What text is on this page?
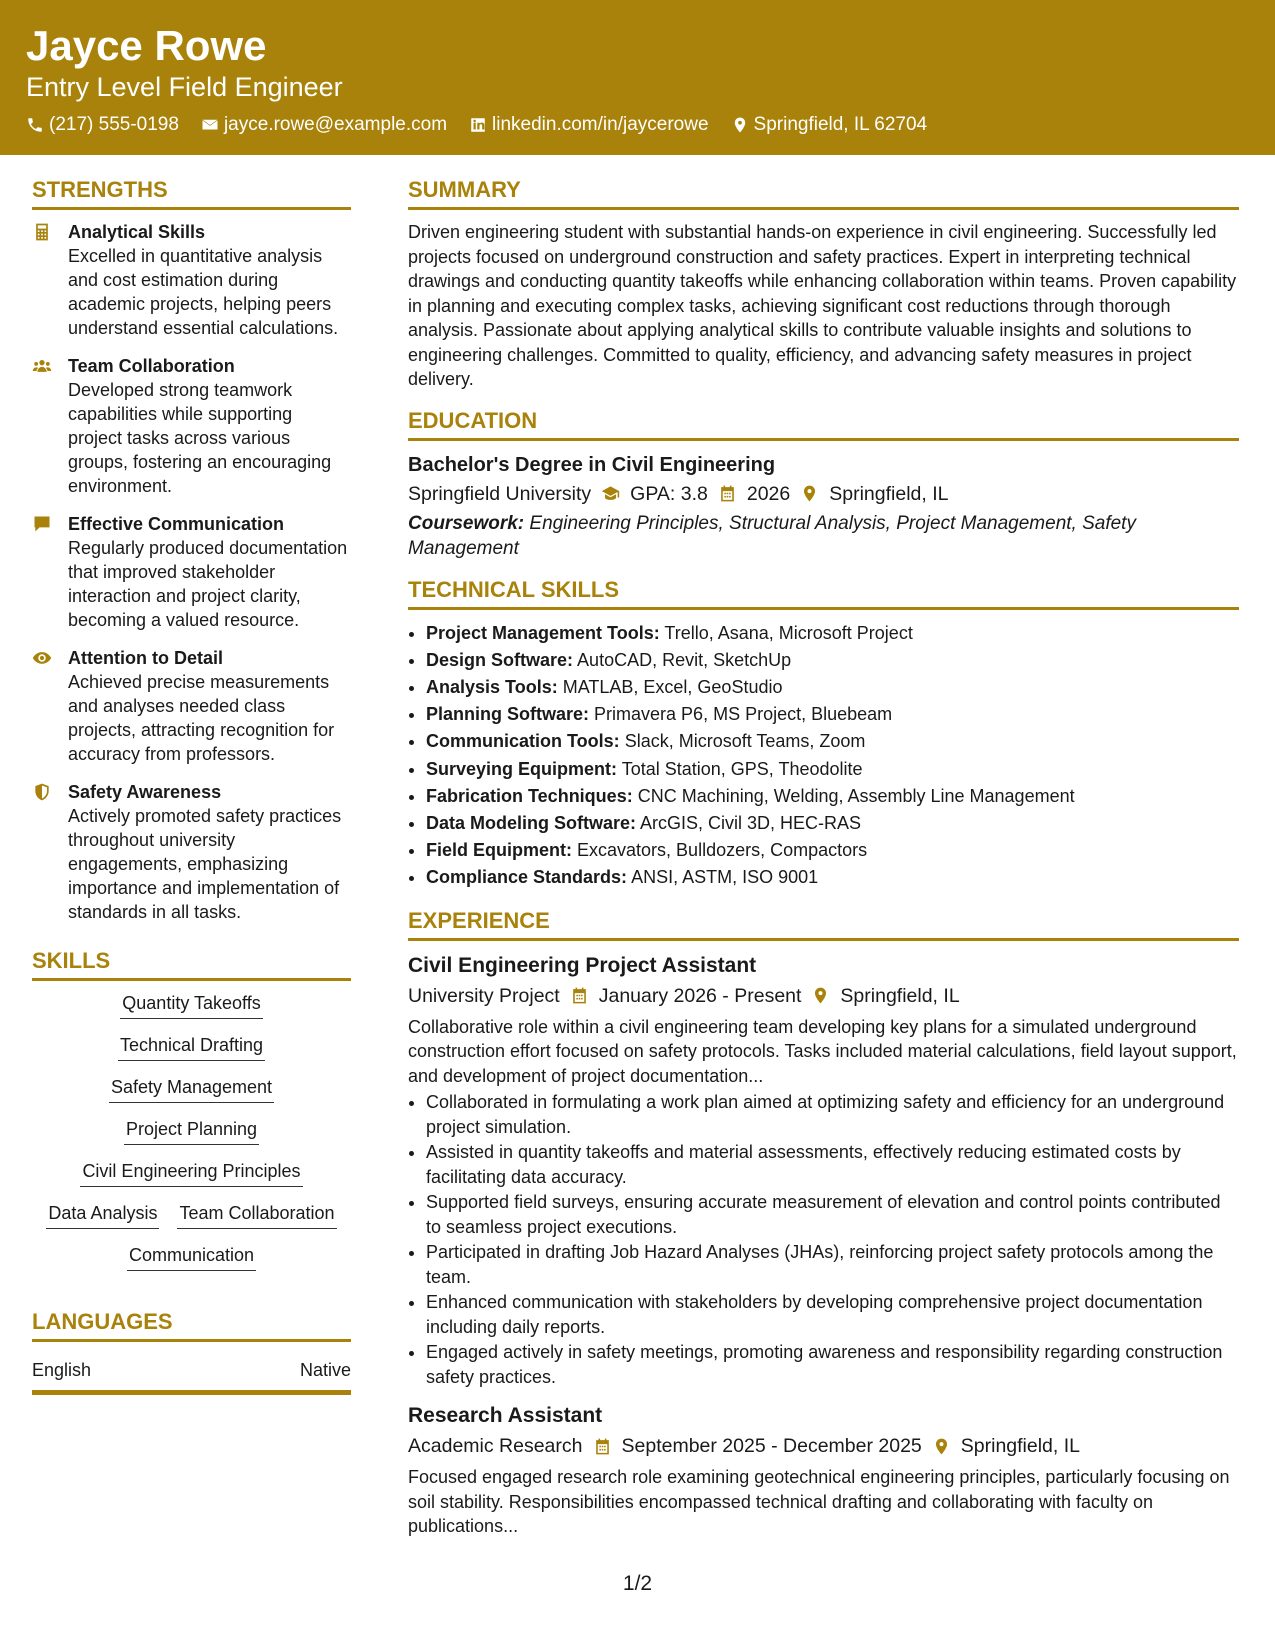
Jayce Rowe
Entry Level Field Engineer
(217) 555-0198 jayce.rowe@example.com linkedin.com/in/jaycerowe Springfield, IL 62704
STRENGTHS
Analytical Skills
Excelled in quantitative analysis and cost estimation during academic projects, helping peers understand essential calculations.
Team Collaboration
Developed strong teamwork capabilities while supporting project tasks across various groups, fostering an encouraging environment.
Effective Communication
Regularly produced documentation that improved stakeholder interaction and project clarity, becoming a valued resource.
Attention to Detail
Achieved precise measurements and analyses needed class projects, attracting recognition for accuracy from professors.
Safety Awareness
Actively promoted safety practices throughout university engagements, emphasizing importance and implementation of standards in all tasks.
SKILLS
Quantity Takeoffs
Technical Drafting
Safety Management
Project Planning
Civil Engineering Principles
Data Analysis Team Collaboration
Communication
LANGUAGES
English	Native
SUMMARY

Driven engineering student with substantial hands-on experience in civil engineering. Successfully led projects focused on underground construction and safety practices. Expert in interpreting technical drawings and conducting quantity takeoffs while enhancing collaboration within teams. Proven capability in planning and executing complex tasks, achieving significant cost reductions through thorough analysis. Passionate about applying analytical skills to contribute valuable insights and solutions to engineering challenges. Committed to quality, efficiency, and advancing safety measures in project delivery.

EDUCATION
Bachelor's Degree in Civil Engineering
Springfield University GPA: 3.8 2026 Springfield, IL
Coursework: Engineering Principles, Structural Analysis, Project Management, Safety Management
TECHNICAL SKILLS
• Project Management Tools: Trello, Asana, Microsoft Project
• Design Software: AutoCAD, Revit, SketchUp
• Analysis Tools: MATLAB, Excel, GeoStudio
• Planning Software: Primavera P6, MS Project, Bluebeam
• Communication Tools: Slack, Microsoft Teams, Zoom
• Surveying Equipment: Total Station, GPS, Theodolite
• Fabrication Techniques: CNC Machining, Welding, Assembly Line Management
• Data Modeling Software: ArcGIS, Civil 3D, HEC-RAS
• Field Equipment: Excavators, Bulldozers, Compactors
• Compliance Standards: ANSI, ASTM, ISO 9001
EXPERIENCE
Civil Engineering Project Assistant
University Project January 2026 - Present Springfield, IL

Collaborative role within a civil engineering team developing key plans for a simulated underground construction effort focused on safety protocols. Tasks included material calculations, field layout support, and development of project documentation...

• Collaborated in formulating a work plan aimed at optimizing safety and efficiency for an underground project simulation.
• Assisted in quantity takeoffs and material assessments, effectively reducing estimated costs by facilitating data accuracy.
• Supported field surveys, ensuring accurate measurement of elevation and control points contributed to seamless project executions.
• Participated in drafting Job Hazard Analyses (JHAs), reinforcing project safety protocols among the team.
• Enhanced communication with stakeholders by developing comprehensive project documentation including daily reports.
• Engaged actively in safety meetings, promoting awareness and responsibility regarding construction safety practices.
Research Assistant
Academic Research September 2025 - December 2025 Springfield, IL

Focused engaged research role examining geotechnical engineering principles, particularly focusing on soil stability. Responsibilities encompassed technical drafting and collaborating with faculty on publications...

1/2
